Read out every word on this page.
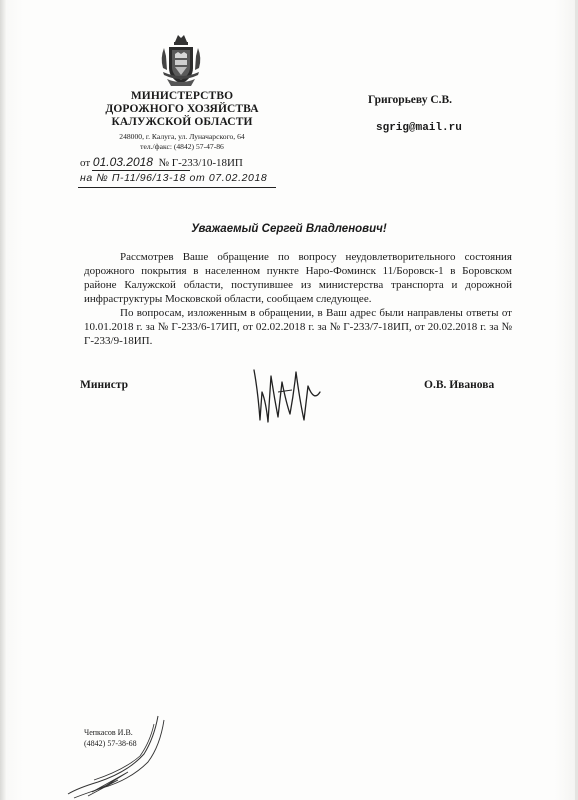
МИНИСТЕРСТВО
ДОРОЖНОГО ХОЗЯЙСТВА
КАЛУЖСКОЙ ОБЛАСТИ
248000, г. Калуга, ул. Луначарского, 64
тел./факс: (4842) 57-47-86
Григорьеву С.В.
sgrig@mail.ru
от 01.03.2018 № Г-233/10-18ИП
на № П-11/96/13-18 от 07.02.2018
Уважаемый Сергей Владленович!

Рассмотрев Ваше обращение по вопросу неудовлетворительного состояния дорожного покрытия в населенном пункте Наро-Фоминск 11/Боровск-1 в Боровском районе Калужской области, поступившее из министерства транспорта и дорожной инфраструктуры Московской области, сообщаем следующее.

По вопросам, изложенным в обращении, в Ваш адрес были направлены ответы от 10.01.2018 г. за № Г-233/6-17ИП, от 02.02.2018 г. за № Г-233/7-18ИП, от 20.02.2018 г. за № Г-233/9-18ИП.

Министр	О.В. Иванова
Чепкасов И.В.
(4842) 57-38-68
